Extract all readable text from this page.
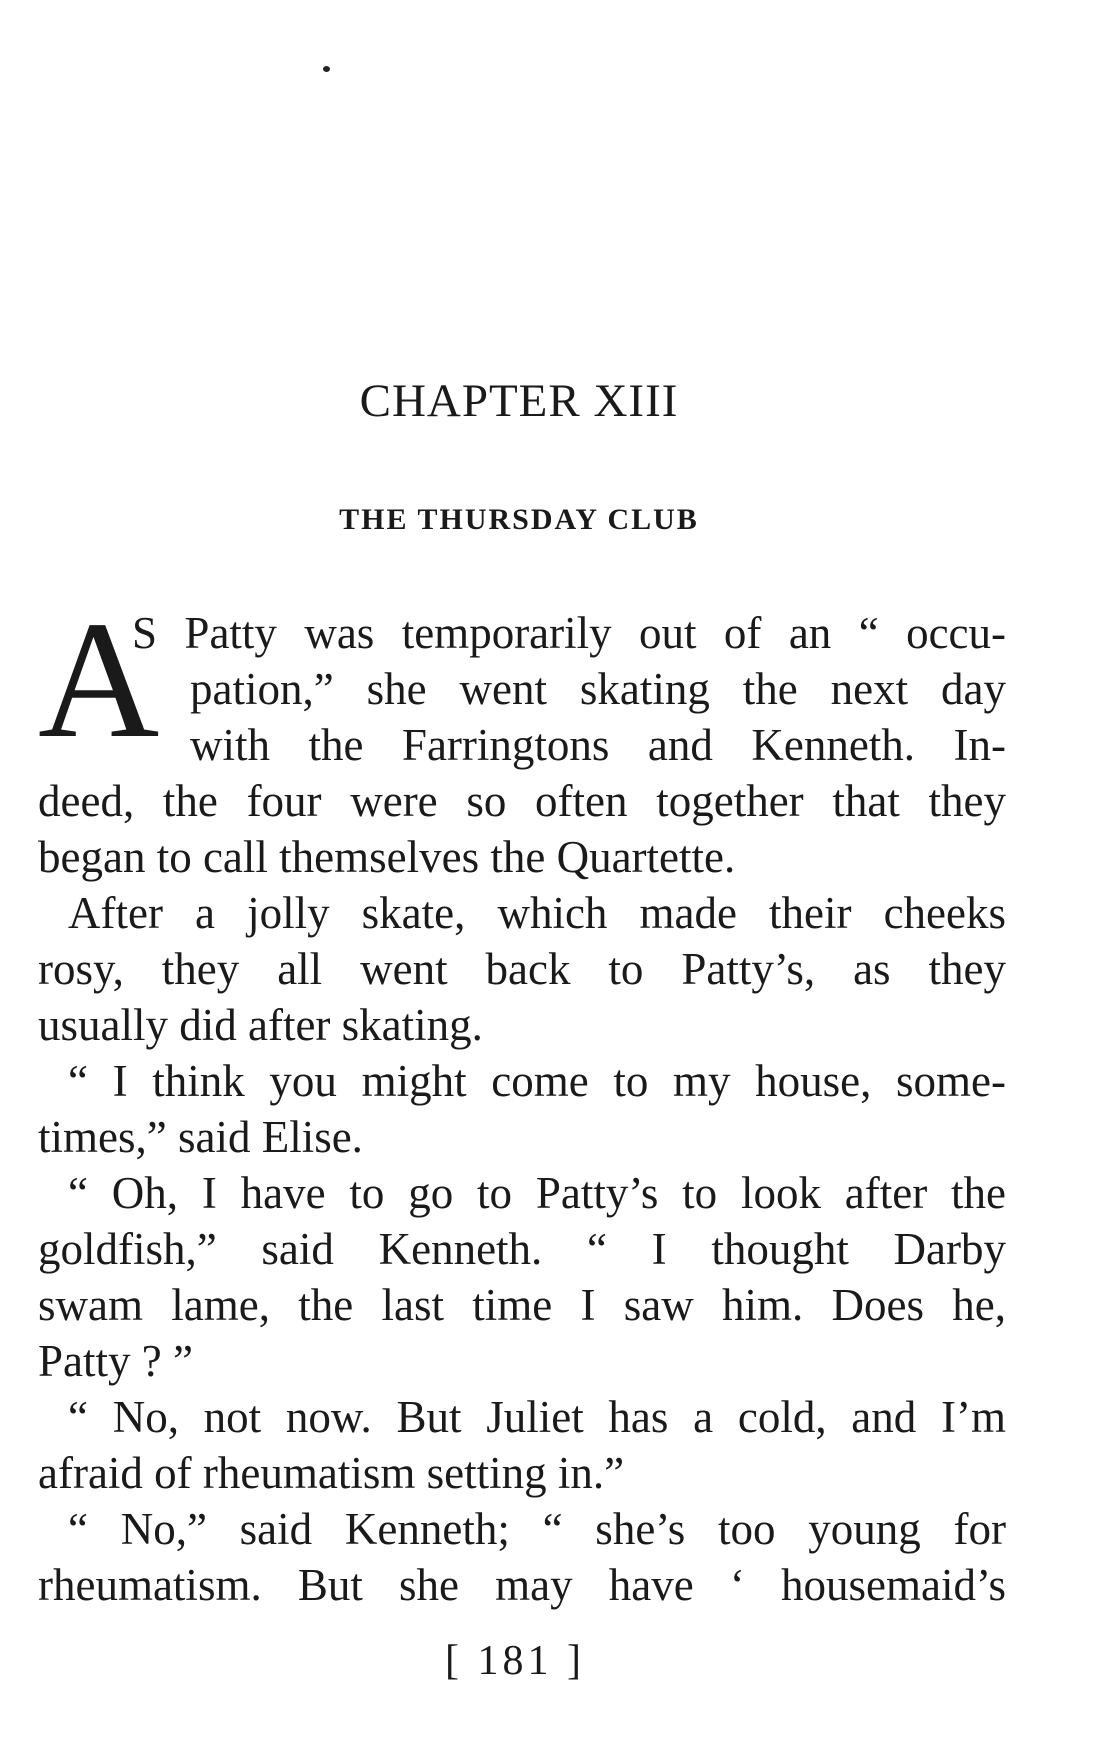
CHAPTER XIII
THE THURSDAY CLUB
A
S Patty was temporarily out of an “ occu-
pation,” she went skating the next day
with the Farringtons and Kenneth. In-
deed, the four were so often together that they
began to call themselves the Quartette.
After a jolly skate, which made their cheeks
rosy, they all went back to Patty’s, as they
usually did after skating.
“ I think you might come to my house, some-
times,” said Elise.
“ Oh, I have to go to Patty’s to look after the
goldfish,” said Kenneth. “ I thought Darby
swam lame, the last time I saw him. Does he,
Patty ? ”
“ No, not now. But Juliet has a cold, and I’m
afraid of rheumatism setting in.”
“ No,” said Kenneth; “ she’s too young for
rheumatism. But she may have ‘ housemaid’s
[ 181 ]
